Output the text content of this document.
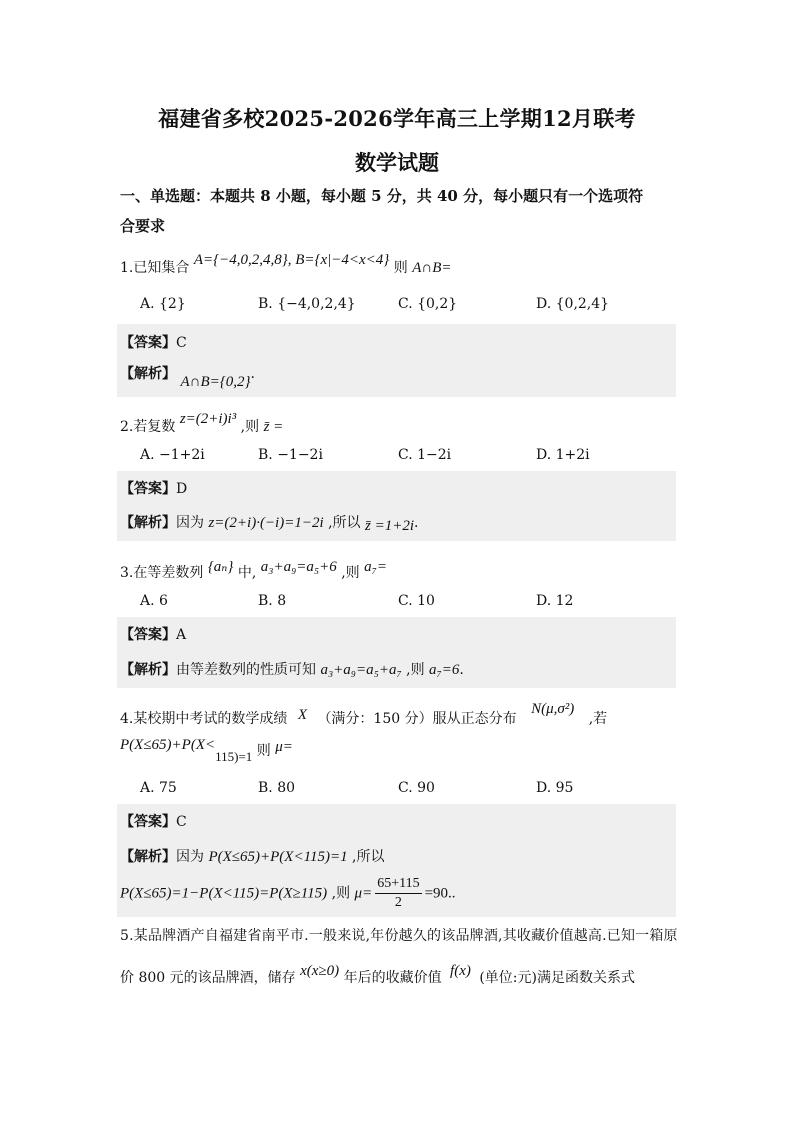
福建省多校2025-2026学年高三上学期12月联考
数学试题
一、单选题：本题共 8 小题，每小题 5 分，共 40 分，每小题只有一个选项符
合要求
1.已知集合 A={−4,0,2,4,8}, B={x|−4<x<4} 则 A∩B=
A. {2}	B. {−4,0,2,4}	C. {0,2}	D. {0,2,4}
【答案】C
【解析】 A∩B={0,2}.
2.若复数 z=(2+i)i³ ,则 z̄ =
A. −1+2i	B. −1−2i	C. 1−2i	D. 1+2i
【答案】D
【解析】因为 z=(2+i)·(−i)=1−2i ,所以 z̄ =1+2i.
3.在等差数列 {aₙ} 中, a₃+a₉=a₅+6 ,则 a₇=
A. 6	B. 8	C. 10	D. 12
【答案】A
【解析】由等差数列的性质可知 a₃+a₉=a₅+a₇ ,则 a₇=6.
4.某校期中考试的数学成绩 X （满分：150 分）服从正态分布 N(μ,σ²) ,若
P(X≤65)+P(X<115)=1 则 μ=
A. 75	B. 80	C. 90	D. 95
【答案】C
【解析】因为 P(X≤65)+P(X<115)=1 ,所以
P(X≤65)=1−P(X<115)=P(X≥115) ,则 $\mu= \frac{65+115}{2} =90$..
5.某品牌酒产自福建省南平市.一般来说,年份越久的该品牌酒,其收藏价值越高.已知一箱原
价 800 元的该品牌酒，储存 x(x≥0) 年后的收藏价值 f(x) (单位:元)满足函数关系式
